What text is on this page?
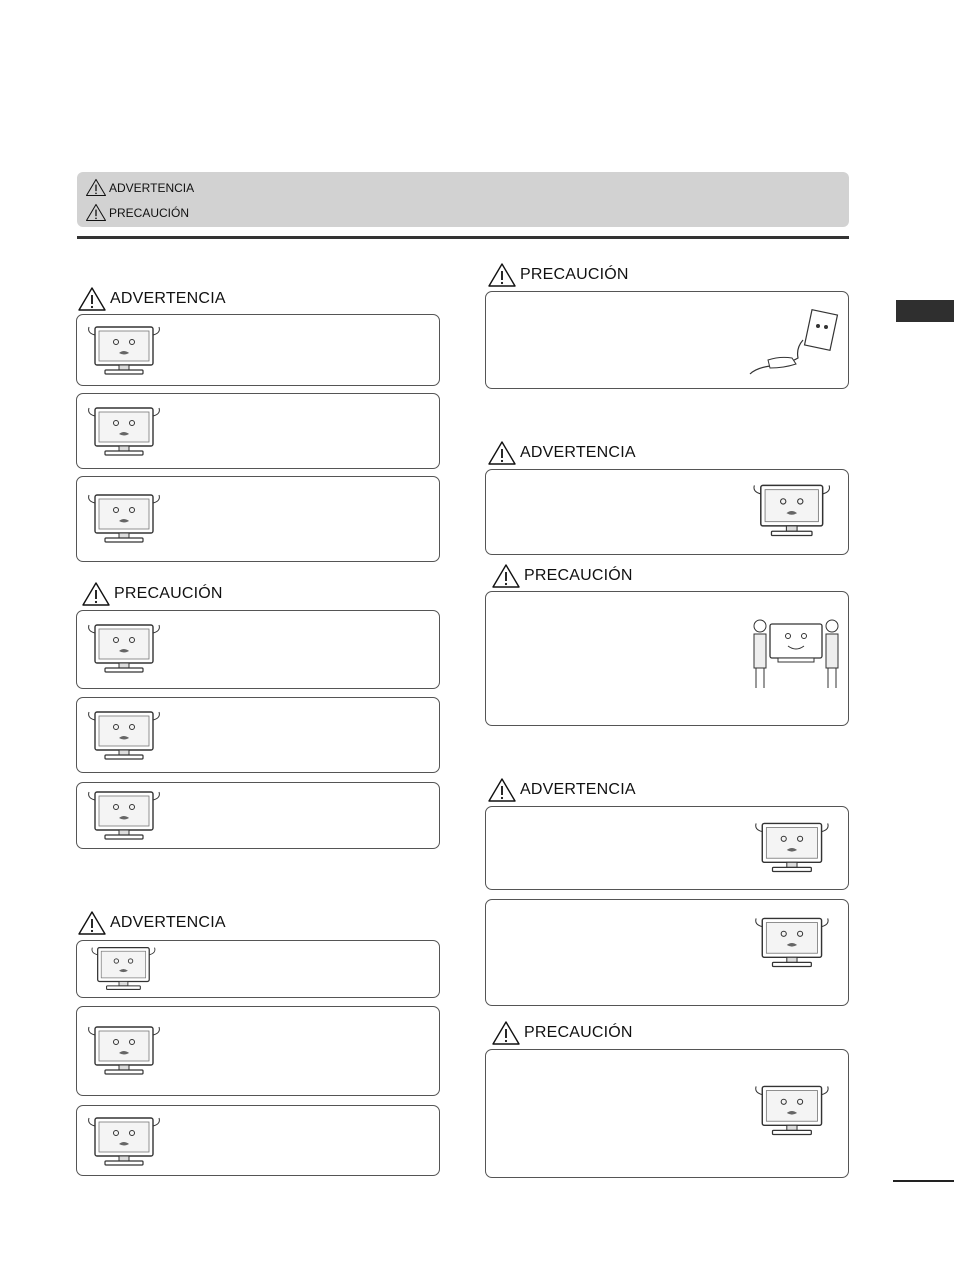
ADVERTENCIA
PRECAUCIÓN
ADVERTENCIA
PRECAUCIÓN
ADVERTENCIA
PRECAUCIÓN
ADVERTENCIA
PRECAUCIÓN
ADVERTENCIA
PRECAUCIÓN
